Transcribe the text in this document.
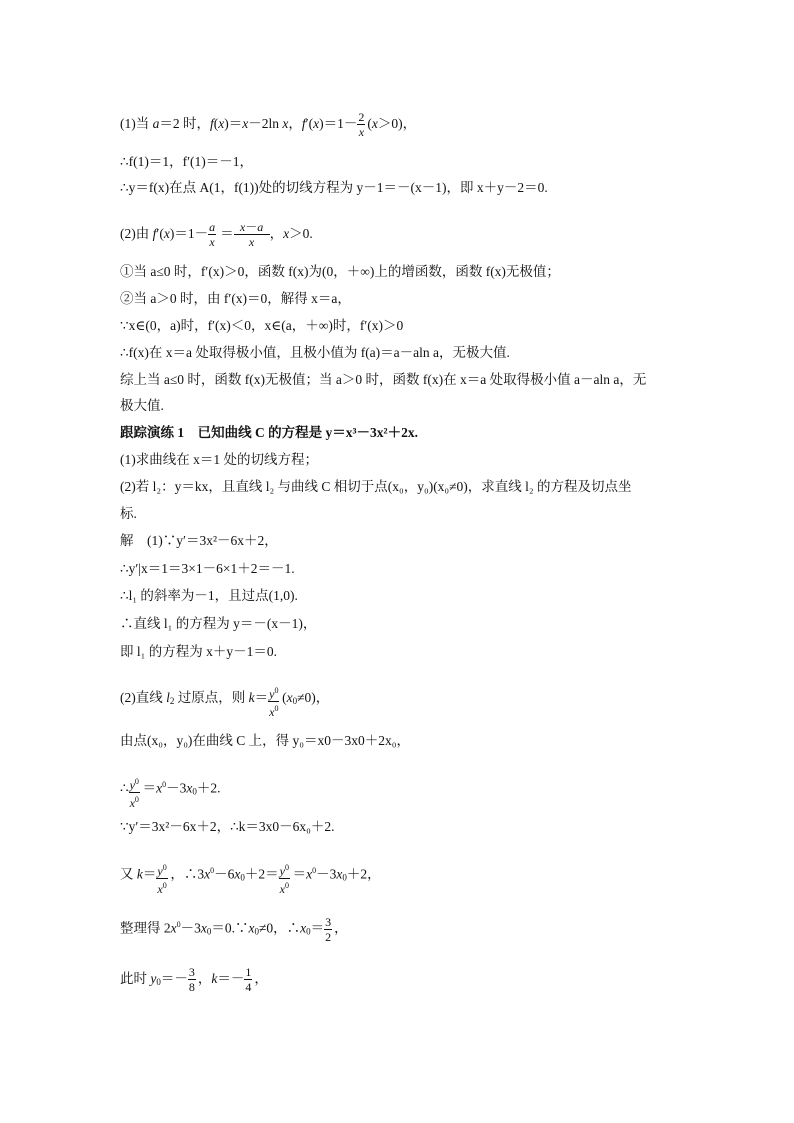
(1)当 a＝2 时，f(x)＝x－2ln x，$f'(x)=1- \frac{2}{x} (x>0)$，
∴f(1)＝1，f′(1)＝－1，
∴y＝f(x)在点 A(1，f(1))处的切线方程为 y－1＝－(x－1)，即 x＋y－2＝0.
(2)由 $f'(x)=1- \frac{a}{x} = \frac{x-a}{x}$ ，x＞0.
①当 a≤0 时，f′(x)＞0，函数 f(x)为(0，＋∞)上的增函数，函数 f(x)无极值；
②当 a＞0 时，由 f′(x)＝0，解得 x＝a，
∵x∈(0，a)时，f′(x)＜0，x∈(a，＋∞)时，f′(x)＞0
∴f(x)在 x＝a 处取得极小值，且极小值为 f(a)＝a－aln a，无极大值.
综上当 a≤0 时，函数 f(x)无极值；当 a＞0 时，函数 f(x)在 x＝a 处取得极小值 a－aln a，无
极大值.
跟踪演练 1　已知曲线 C 的方程是 y＝x³－3x²＋2x.
(1)求曲线在 x＝1 处的切线方程；
(2)若 l₂：y＝kx，且直线 l₂ 与曲线 C 相切于点(x₀，y₀)(x₀≠0)，求直线 l₂ 的方程及切点坐
标.
解　(1)∵y′＝3x²－6x＋2，
∴y′|x＝1＝3×1－6×1＋2＝－1.
∴l₁ 的斜率为－1，且过点(1,0).
∴直线 l₁ 的方程为 y＝－(x－1)，
即 l₁ 的方程为 x＋y－1＝0.
(2)直线 $l_2$ 过原点，则 $k= \frac{y^0}{x^0} (x_0\ne 0)$，
由点(x₀，y₀)在曲线 C 上，得 y₀＝x0－3x0＋2x₀，
∴ $\frac{y^0}{x^0} =x^0-3x_0+2$.
∵y′＝3x²－6x＋2，∴k＝3x0－6x₀＋2.
又 $k= \frac{y^0}{x^0}$ ，$\therefore 3x^0-6x_0+2= \frac{y^0}{x^0} =x^0-3x_0+2$，
整理得 $2x^0-3x_0=0.\because x_0\ne 0$，$\therefore x_0= \frac{3}{2}$ ，
此时 $y_0=- \frac{3}{8}$ ，$k=- \frac{1}{4}$ ，
